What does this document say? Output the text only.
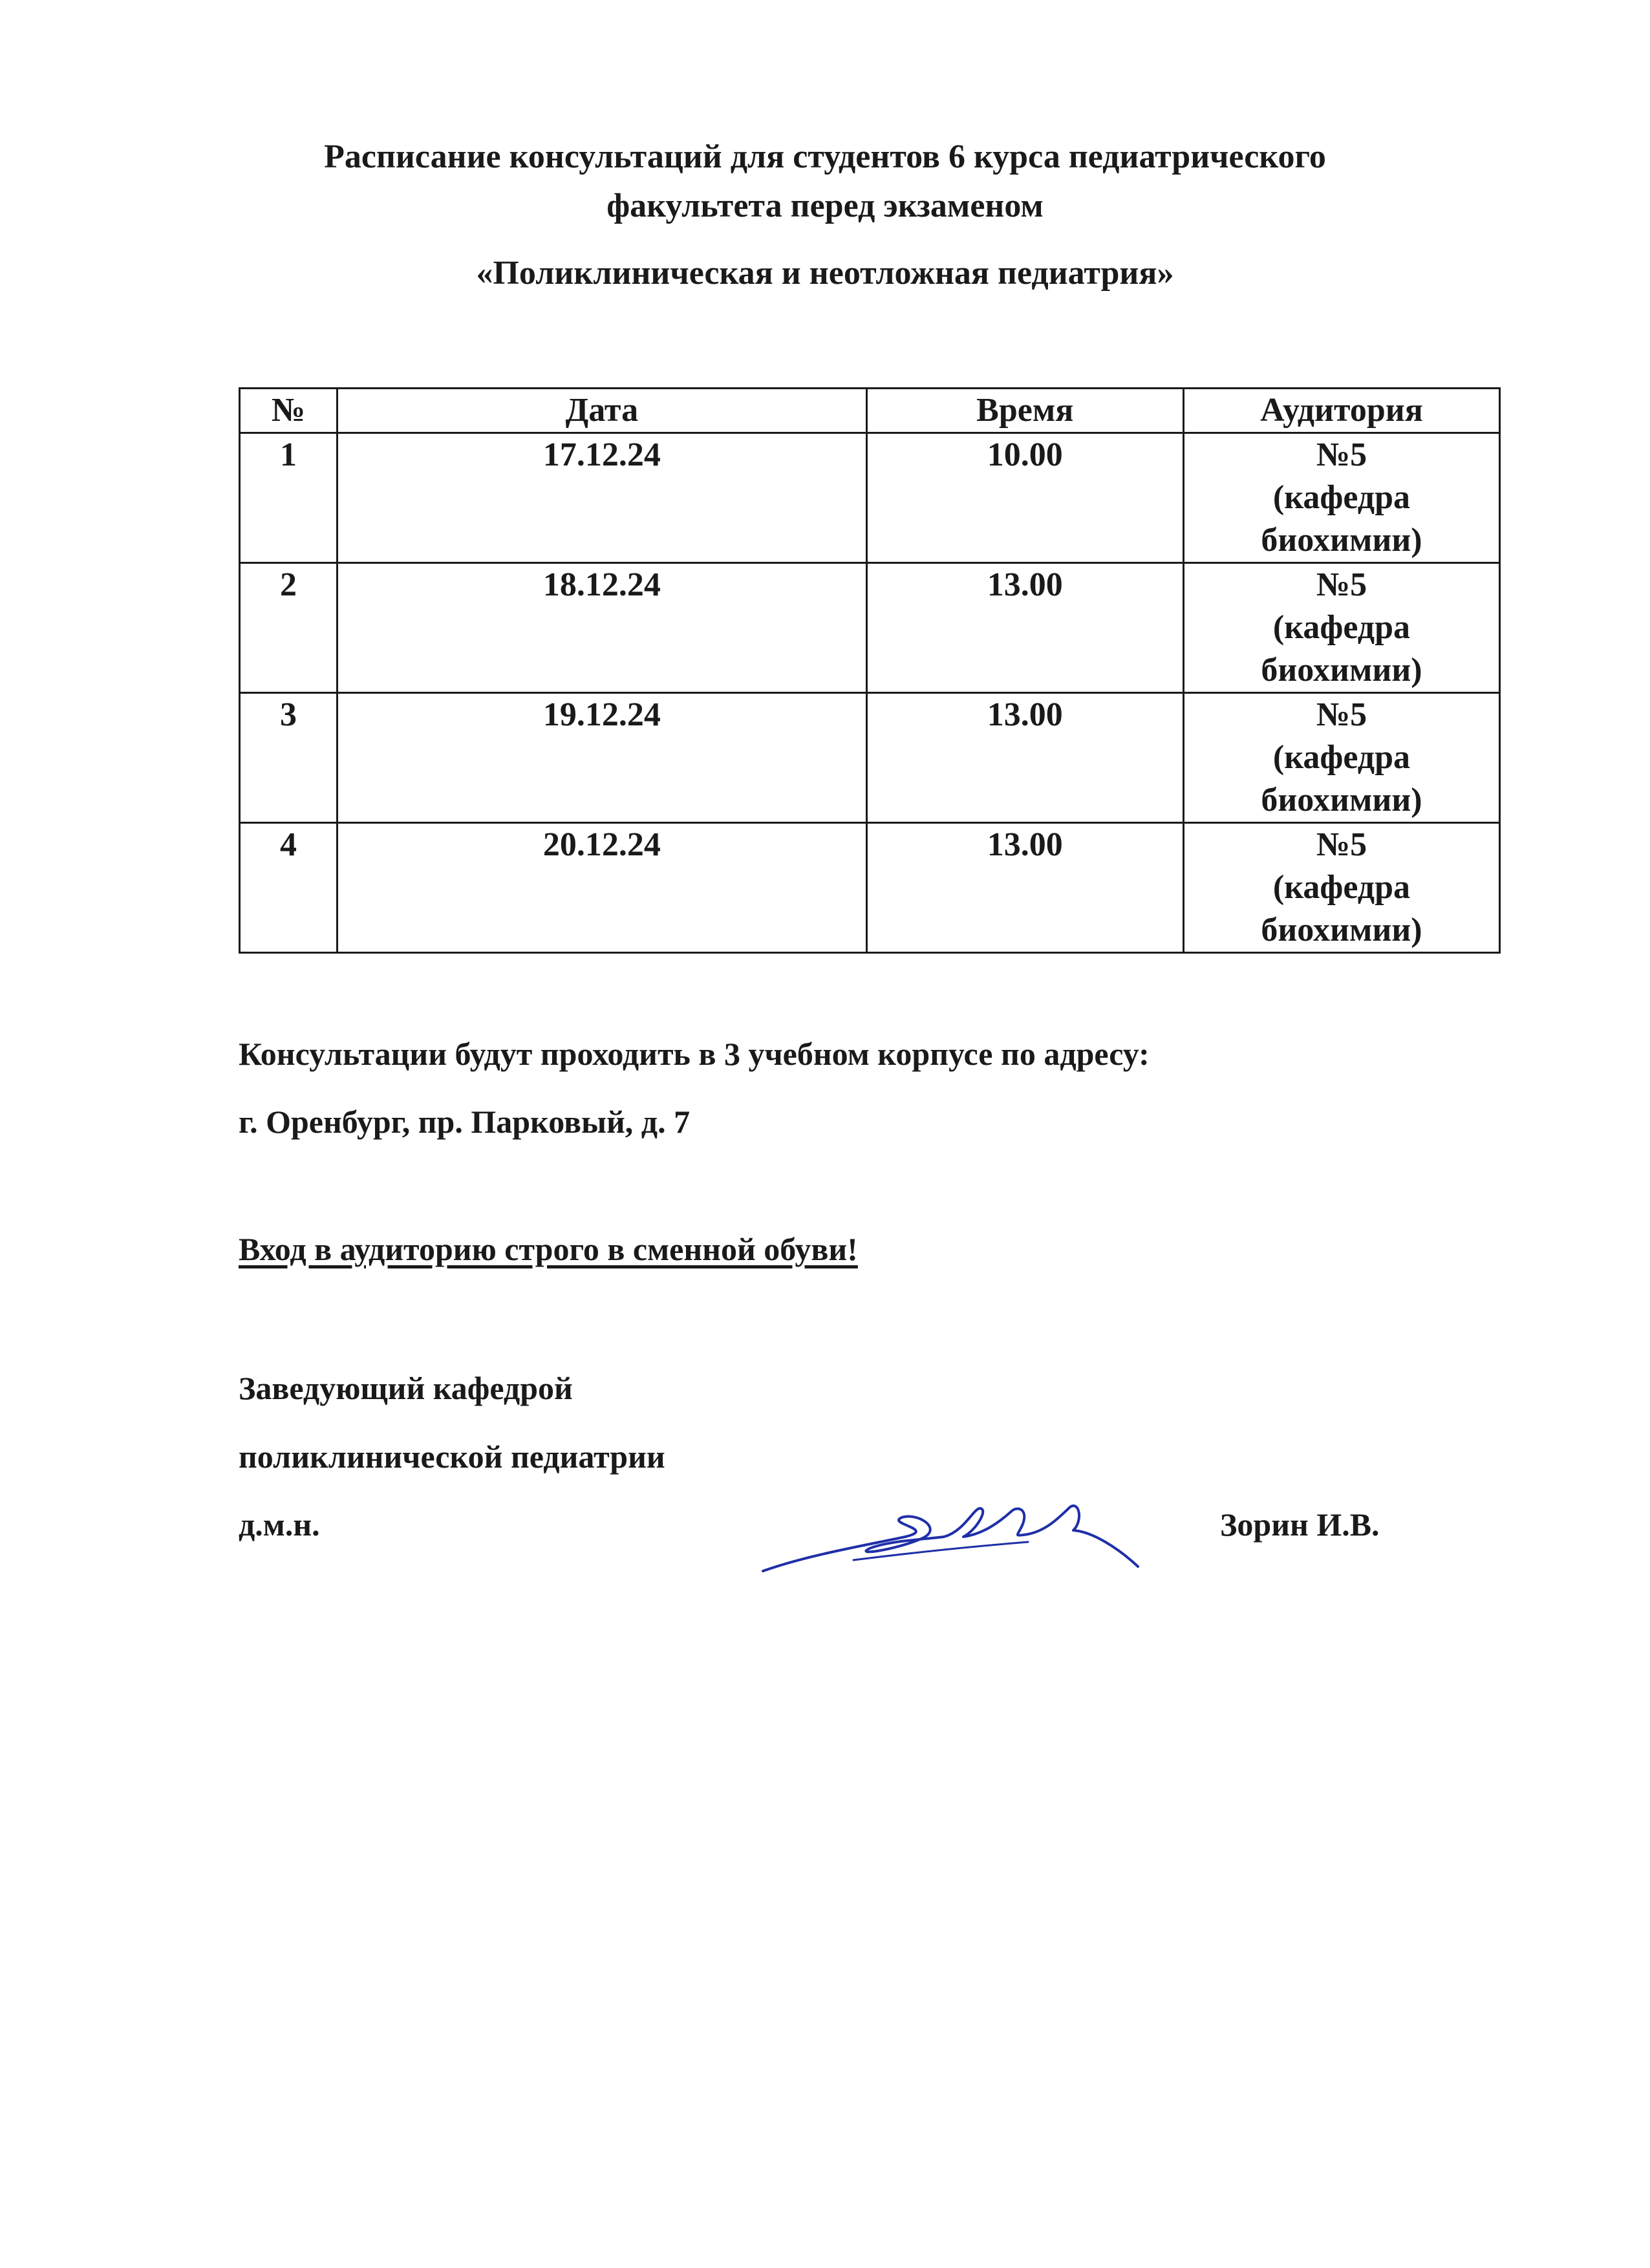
Расписание консультаций для студентов 6 курса педиатрического
факультета перед экзаменом
«Поликлиническая и неотложная педиатрия»
№	Дата	Время	Аудитория
1	17.12.24	10.00	№5
(кафедра
биохимии)

2	18.12.24	13.00	№5
(кафедра
биохимии)

3	19.12.24	13.00	№5
(кафедра
биохимии)

4	20.12.24	13.00	№5
(кафедра
биохимии)
Консультации будут проходить в 3 учебном корпусе по адресу:
г. Оренбург, пр. Парковый, д. 7
Вход в аудиторию строго в сменной обуви!
Заведующий кафедрой
поликлинической педиатрии
д.м.н.	Зорин И.В.
